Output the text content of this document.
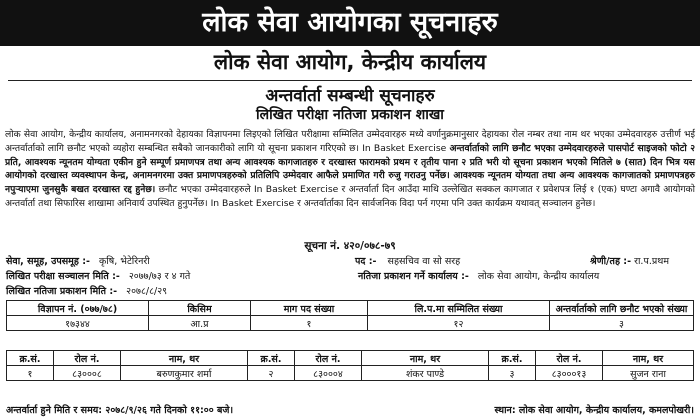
लोक सेवा आयोगका सूचनाहरु
लोक सेवा आयोग, केन्द्रीय कार्यालय
अन्तर्वार्ता सम्बन्धी सूचनाहरु
लिखित परीक्षा नतिजा प्रकाशन शाखा
लोक सेवा आयोग, केन्द्रीय कार्यालय, अनामनगरको देहायका विज्ञापनमा लिइएको लिखित परीक्षामा सम्मिलित उम्मेदवारहरु मध्ये वर्णानुक्रमानुसार देहायका रोल नम्बर तथा नाम थर भएका उम्मेदवारहरु उत्तीर्ण भई अन्तर्वार्ताको लागि छनौट भएको व्यहोरा सम्बन्धित सबैको जानकारीको लागि यो सूचना प्रकाशन गरिएको छ। In Basket Exercise अन्तर्वार्ताको लागि छनौट भएका उम्मेदवारहरुले पासपोर्ट साइजको फोटो २ प्रति, आवश्यक न्यूनतम योग्यता एकीन हुने सम्पूर्ण प्रमाणपत्र तथा अन्य आवश्यक कागजातहरु र दरखास्त फारामको प्रथम र तृतीय पाना २ प्रति भरी यो सूचना प्रकाशन भएको मितिले ७ (सात) दिन भित्र यस आयोगको दरखास्त व्यवस्थापन केन्द्र, अनामनगरमा उक्त प्रमाणपत्रहरुको प्रतिलिपि उम्मेदवार आफैले प्रमाणित गरी रुजु गराउनु पर्नेछ। आवश्यक न्यूनतम योग्यता तथा अन्य आवश्यक कागजातको प्रमाणपत्रहरु नपुर्‍याएमा जुनसुकै बखत दरखास्त रद्द हुनेछ। छनौट भएका उम्मेदवारहरुले In Basket Exercise र अन्तर्वार्ता दिन आउँदा माथि उल्लेखित सक्कल कागजात र प्रवेशपत्र लिई १ (एक) घण्टा अगावै आयोगको अन्तर्वार्ता तथा सिफारिस शाखामा अनिवार्य उपस्थित हुनुपर्नेछ। In Basket Exercise र अन्तर्वार्ताका दिन सार्वजनिक विदा पर्न गएमा पनि उक्त कार्यक्रम यथावत् सञ्चालन हुनेछ।
सूचना नं. ४२०/०७८-७९
सेवा, समूह, उपसमूह :- कृषि, भेटेरिनरी	पद :- सहसचिव वा सो सरह	श्रेणी/तह :- रा.प.प्रथम
लिखित परीक्षा सञ्चालन मिति :- २०७७/७३ र ४ गते	नतिजा प्रकाशन गर्ने कार्यालय :- लोक सेवा आयोग, केन्द्रीय कार्यालय
लिखित नतिजा प्रकाशन मिति :- २०७८/८/२९
विज्ञापन नं. (०७७/७८)	किसिम	माग पद संख्या	लि.प.मा सम्मिलित संख्या	अन्तर्वार्ताको लागि छनौट भएको संख्या
१७३४४	आ.प्र	१	१२	३
क्र.सं.	रोल नं.	नाम, थर	क्र.सं.	रोल नं.	नाम, थर	क्र.सं.	रोल नं.	नाम, थर
१	८३०००८	बरुणकुमार शर्मा	२	८३०००४	शंकर पाण्डे	३	८३०००१३	सुजन राना
अन्तर्वार्ता हुने मिति र समय: २०७८/९/२६ गते दिनको ११:०० बजे।	स्थान: लोक सेवा आयोग, केन्द्रीय कार्यालय, कमलपोखरी।
